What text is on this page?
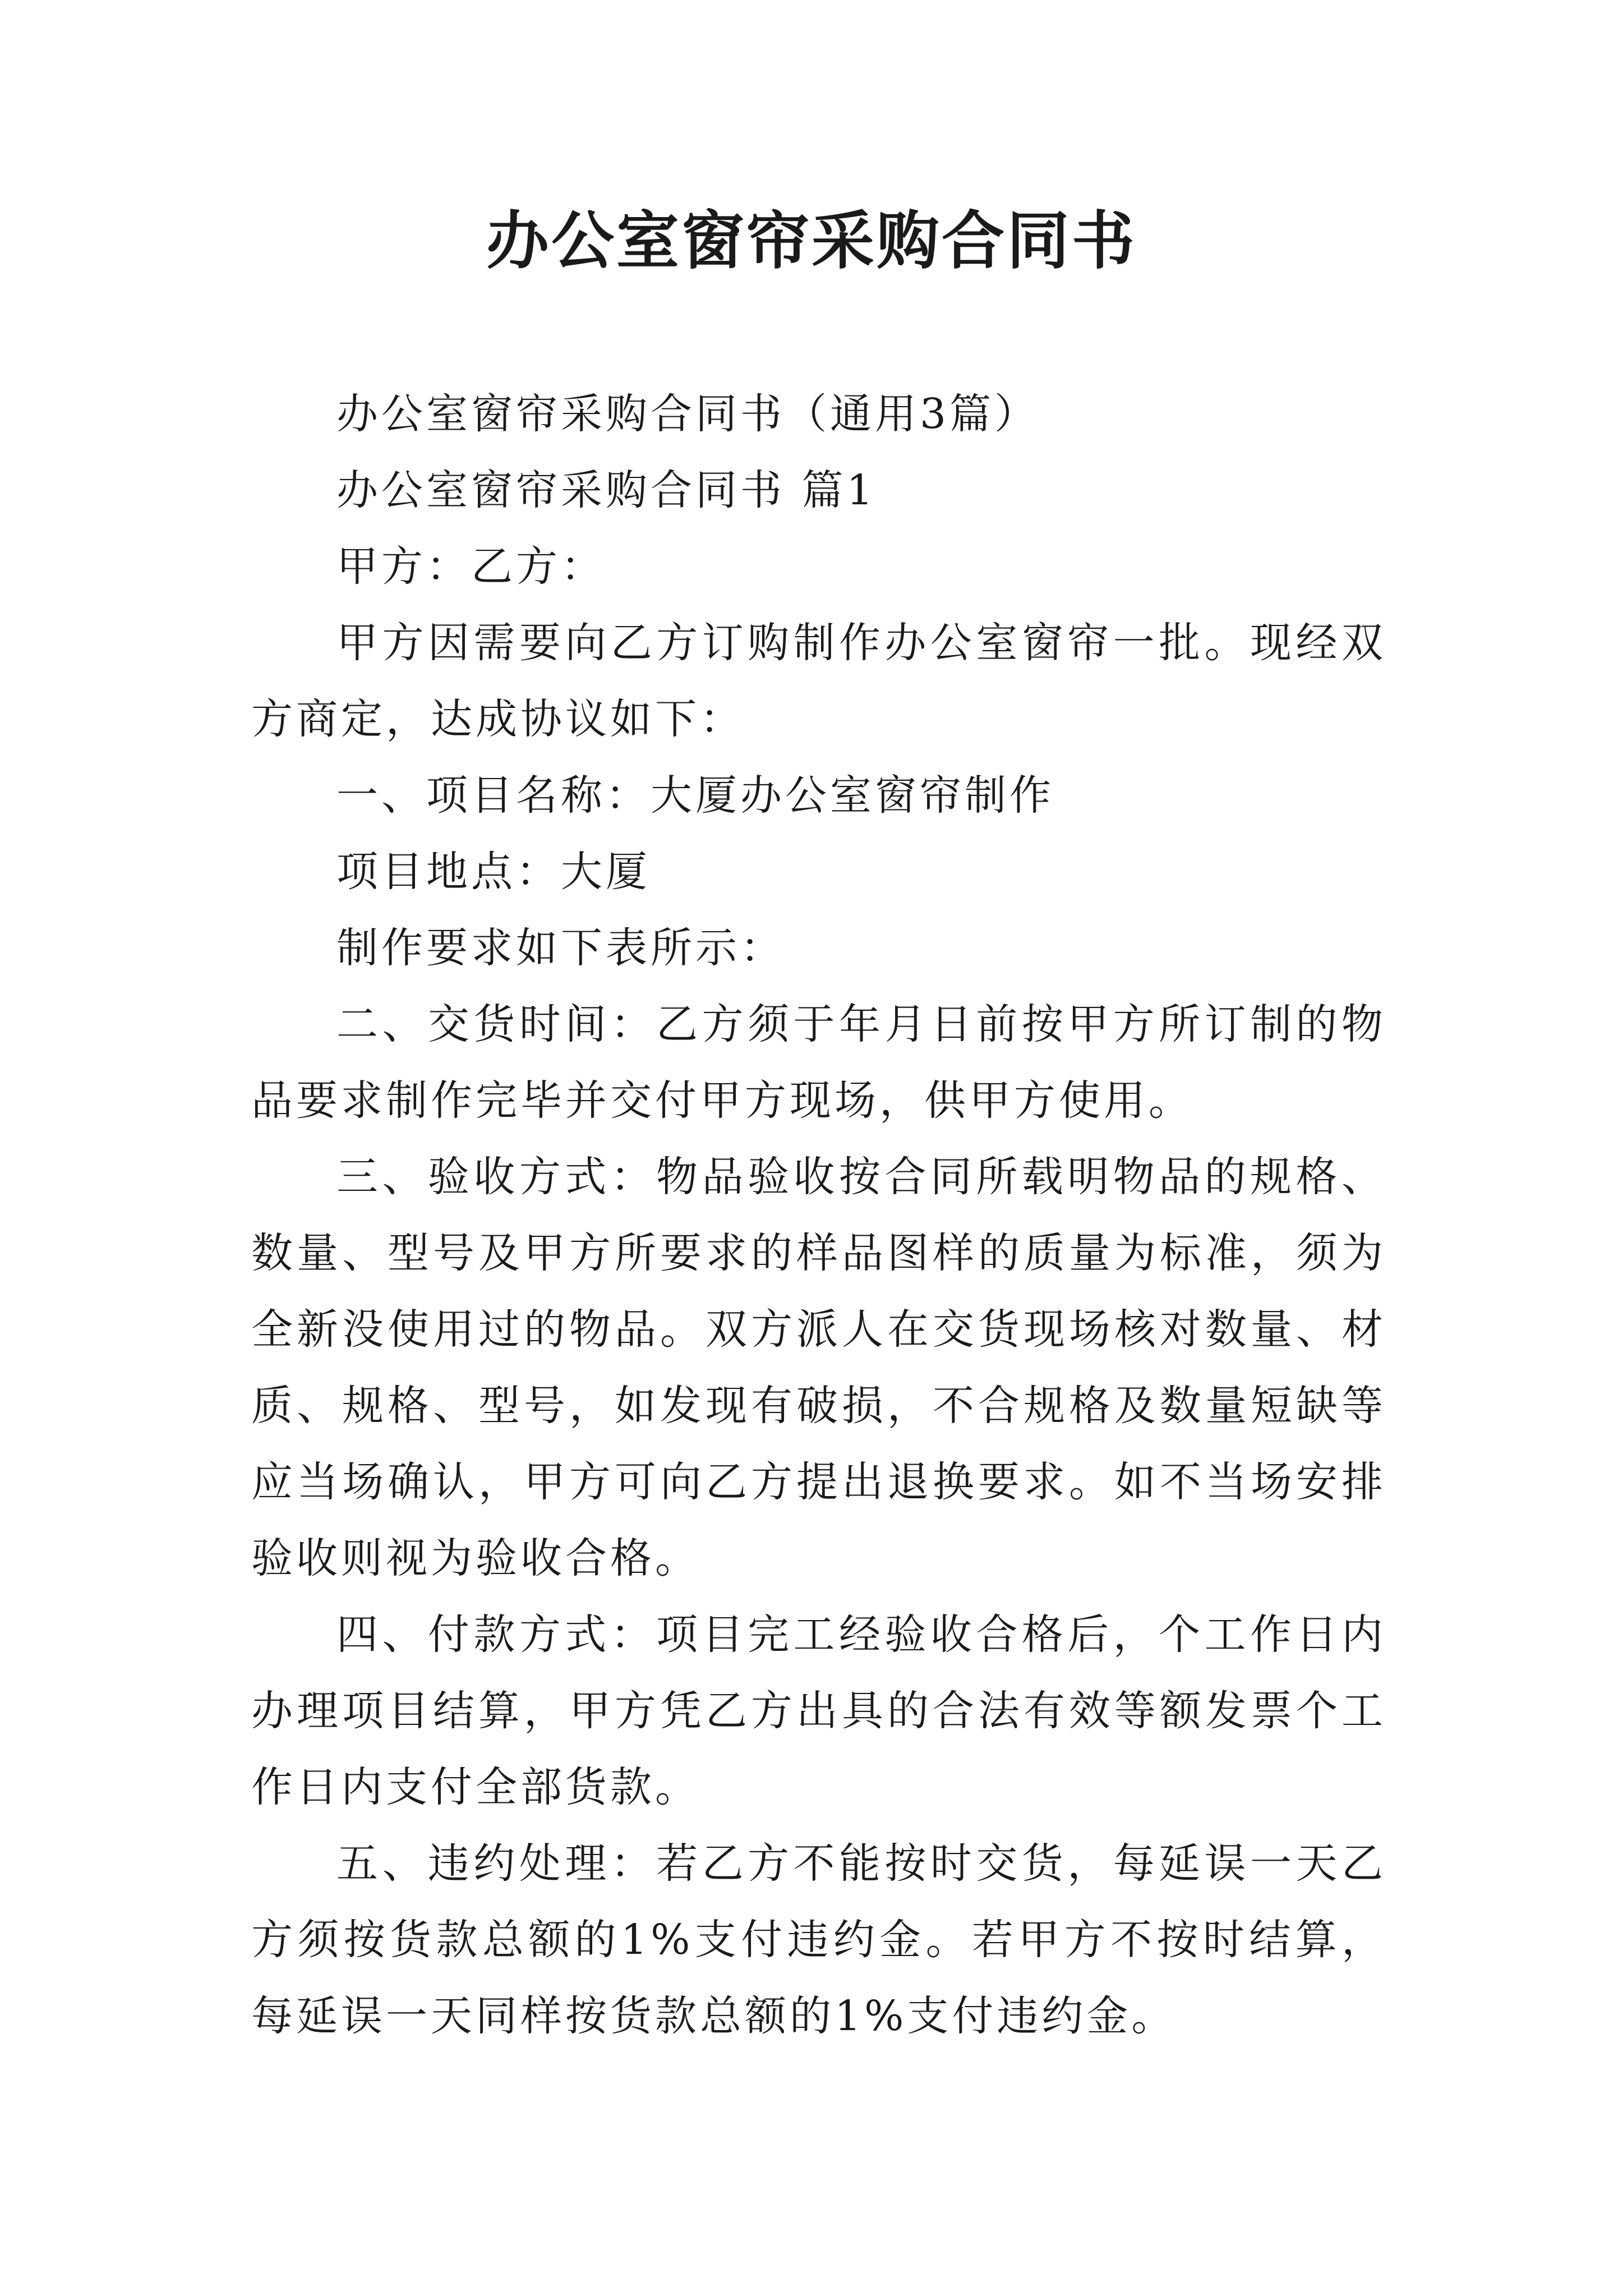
办公室窗帘采购合同书

办公室窗帘采购合同书（通用3篇）

办公室窗帘采购合同书 篇1

甲方：乙方：

甲方因需要向乙方订购制作办公室窗帘一批。现经双方商定，达成协议如下：

一、项目名称：大厦办公室窗帘制作

项目地点：大厦

制作要求如下表所示：

二、交货时间：乙方须于年月日前按甲方所订制的物品要求制作完毕并交付甲方现场，供甲方使用。

三、验收方式：物品验收按合同所载明物品的规格、数量、型号及甲方所要求的样品图样的质量为标准，须为全新没使用过的物品。双方派人在交货现场核对数量、材质、规格、型号，如发现有破损，不合规格及数量短缺等应当场确认，甲方可向乙方提出退换要求。如不当场安排验收则视为验收合格。

四、付款方式：项目完工经验收合格后，个工作日内办理项目结算，甲方凭乙方出具的合法有效等额发票个工作日内支付全部货款。

五、违约处理：若乙方不能按时交货，每延误一天乙方须按货款总额的1%支付违约金。若甲方不按时结算，每延误一天同样按货款总额的1%支付违约金。
